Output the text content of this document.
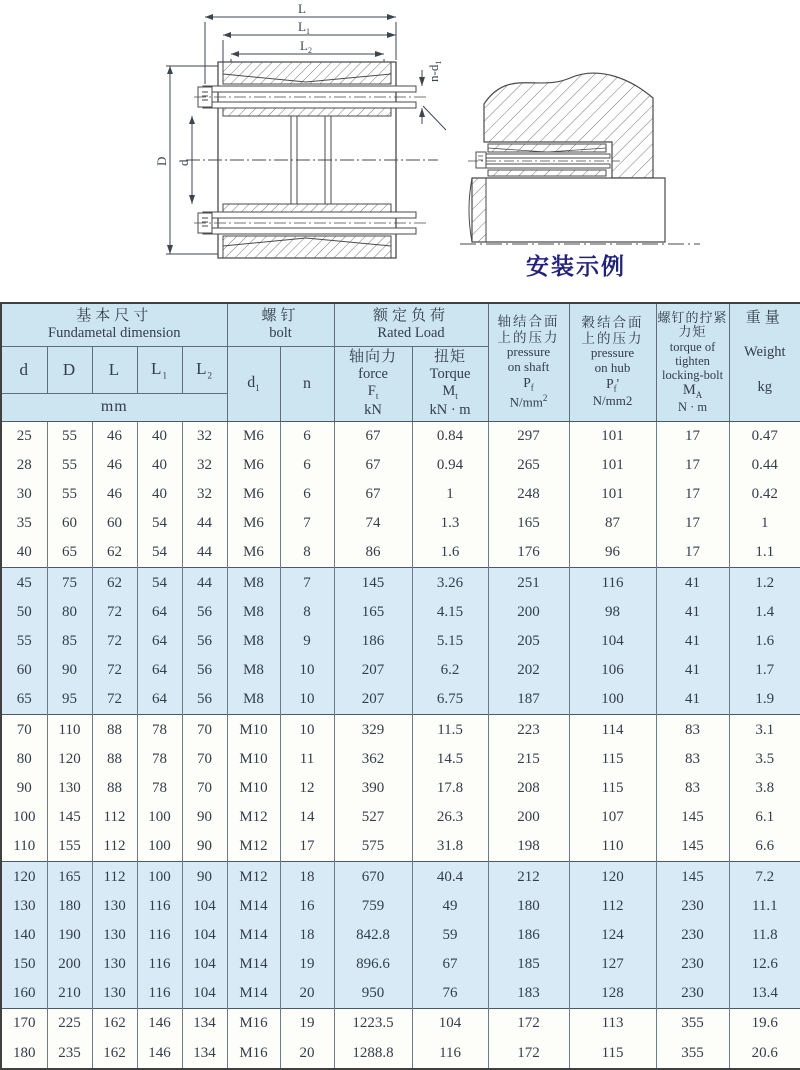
L
$L_1$
$L_2$
D d
$n-d_1$
安装示例
基本尺寸
Fundametal dimension

螺钉
bolt

额定负荷
Rated Load

轴结合面
上的压力
pressure
on shaft
$P_f$
$N/mm^2$

穀结合面
上的压力
pressure
on hub
$P_f'$
N/mm2

螺钉的拧紧
力矩
torque of
tighten
locking-bolt
$M_A$
N · m

重量
Weight
kg

d	D	L	$L_1$	$L_2$	$d_1$	n	
轴向力
force
$F_t$
kN

扭矩
Torque
$M_t$
kN · m

mm												
25	55	46	40	32	M6	6	67	0.84	297	101	17	0.47
28	55	46	40	32	M6	6	67	0.94	265	101	17	0.44
30	55	46	40	32	M6	6	67	1	248	101	17	0.42
35	60	60	54	44	M6	7	74	1.3	165	87	17	1
40	65	62	54	44	M6	8	86	1.6	176	96	17	1.1
45	75	62	54	44	M8	7	145	3.26	251	116	41	1.2
50	80	72	64	56	M8	8	165	4.15	200	98	41	1.4
55	85	72	64	56	M8	9	186	5.15	205	104	41	1.6
60	90	72	64	56	M8	10	207	6.2	202	106	41	1.7
65	95	72	64	56	M8	10	207	6.75	187	100	41	1.9
70	110	88	78	70	M10	10	329	11.5	223	114	83	3.1
80	120	88	78	70	M10	11	362	14.5	215	115	83	3.5
90	130	88	78	70	M10	12	390	17.8	208	115	83	3.8
100	145	112	100	90	M12	14	527	26.3	200	107	145	6.1
110	155	112	100	90	M12	17	575	31.8	198	110	145	6.6
120	165	112	100	90	M12	18	670	40.4	212	120	145	7.2
130	180	130	116	104	M14	16	759	49	180	112	230	11.1
140	190	130	116	104	M14	18	842.8	59	186	124	230	11.8
150	200	130	116	104	M14	19	896.6	67	185	127	230	12.6
160	210	130	116	104	M14	20	950	76	183	128	230	13.4
170	225	162	146	134	M16	19	1223.5	104	172	113	355	19.6
180	235	162	146	134	M16	20	1288.8	116	172	115	355	20.6
